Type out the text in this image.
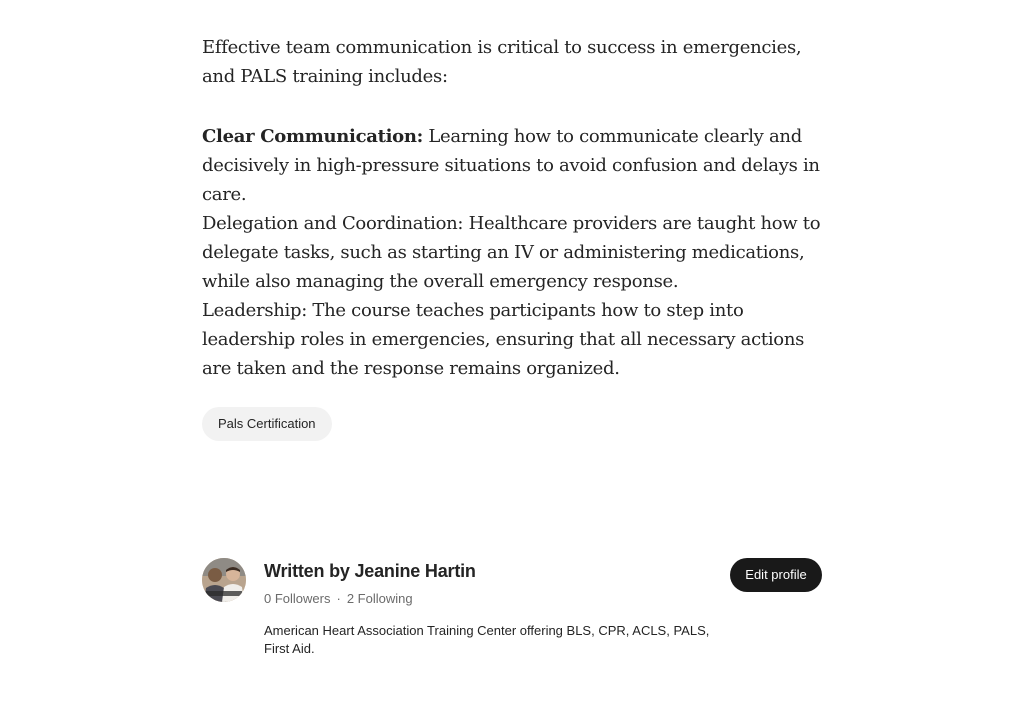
Effective team communication is critical to success in emergencies, and PALS training includes:

Clear Communication: Learning how to communicate clearly and decisively in high-pressure situations to avoid confusion and delays in care.

Delegation and Coordination: Healthcare providers are taught how to delegate tasks, such as starting an IV or administering medications, while also managing the overall emergency response.

Leadership: The course teaches participants how to step into leadership roles in emergencies, ensuring that all necessary actions are taken and the response remains organized.

Pals Certification
Written by Jeanine Hartin
0 Followers · 2 Following
American Heart Association Training Center offering BLS, CPR, ACLS, PALS, First Aid.
Edit profile
